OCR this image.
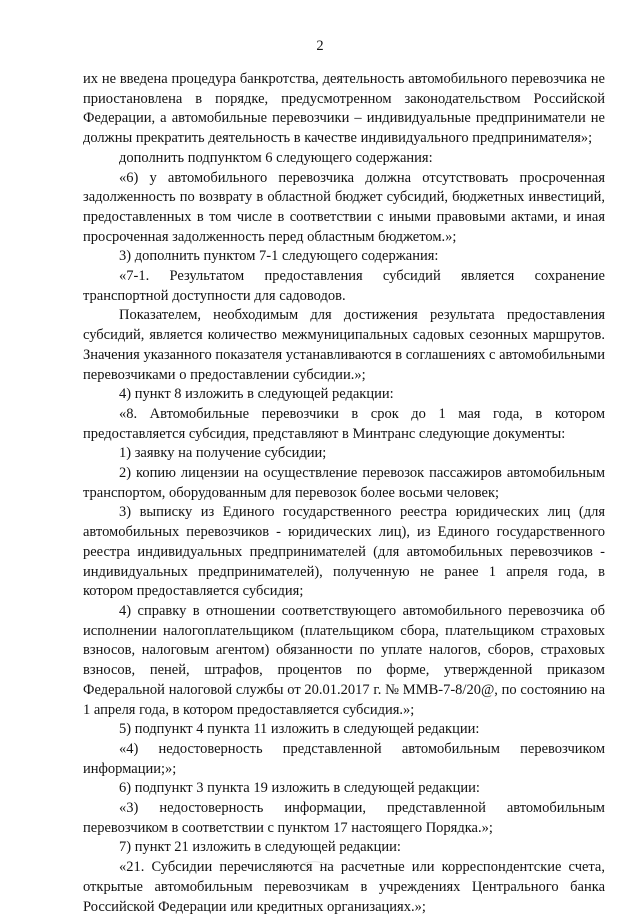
2

их не введена процедура банкротства, деятельность автомобильного перевозчика не приостановлена в порядке, предусмотренном законодательством Российской Федерации, а автомобильные перевозчики – индивидуальные предприниматели не должны прекратить деятельность в качестве индивидуального предпринимателя»;

дополнить подпунктом 6 следующего содержания:

«6) у автомобильного перевозчика должна отсутствовать просроченная задолженность по возврату в областной бюджет субсидий, бюджетных инвестиций, предоставленных в том числе в соответствии с иными правовыми актами, и иная просроченная задолженность перед областным бюджетом.»;

3) дополнить пунктом 7-1 следующего содержания:

«7-1. Результатом предоставления субсидий является сохранение транспортной доступности для садоводов.

Показателем, необходимым для достижения результата предоставления субсидий, является количество межмуниципальных садовых сезонных маршрутов. Значения указанного показателя устанавливаются в соглашениях с автомобильными перевозчиками о предоставлении субсидии.»;

4) пункт 8 изложить в следующей редакции:

«8. Автомобильные перевозчики в срок до 1 мая года, в котором предоставляется субсидия, представляют в Минтранс следующие документы:

1) заявку на получение субсидии;

2) копию лицензии на осуществление перевозок пассажиров автомобильным транспортом, оборудованным для перевозок более восьми человек;

3) выписку из Единого государственного реестра юридических лиц (для автомобильных перевозчиков - юридических лиц), из Единого государственного реестра индивидуальных предпринимателей (для автомобильных перевозчиков - индивидуальных предпринимателей), полученную не ранее 1 апреля года, в котором предоставляется субсидия;

4) справку в отношении соответствующего автомобильного перевозчика об исполнении налогоплательщиком (плательщиком сбора, плательщиком страховых взносов, налоговым агентом) обязанности по уплате налогов, сборов, страховых взносов, пеней, штрафов, процентов по форме, утвержденной приказом Федеральной налоговой службы от 20.01.2017 г. № ММВ-7-8/20@, по состоянию на 1 апреля года, в котором предоставляется субсидия.»;

5) подпункт 4 пункта 11 изложить в следующей редакции:

«4) недостоверность представленной автомобильным перевозчиком информации;»;

6) подпункт 3 пункта 19 изложить в следующей редакции:

«3) недостоверность информации, представленной автомобильным перевозчиком в соответствии с пунктом 17 настоящего Порядка.»;

7) пункт 21 изложить в следующей редакции:

«21. Субсидии перечисляются на расчетные или корреспондентские счета, открытые автомобильным перевозчикам в учреждениях Центрального банка Российской Федерации или кредитных организациях.»;
